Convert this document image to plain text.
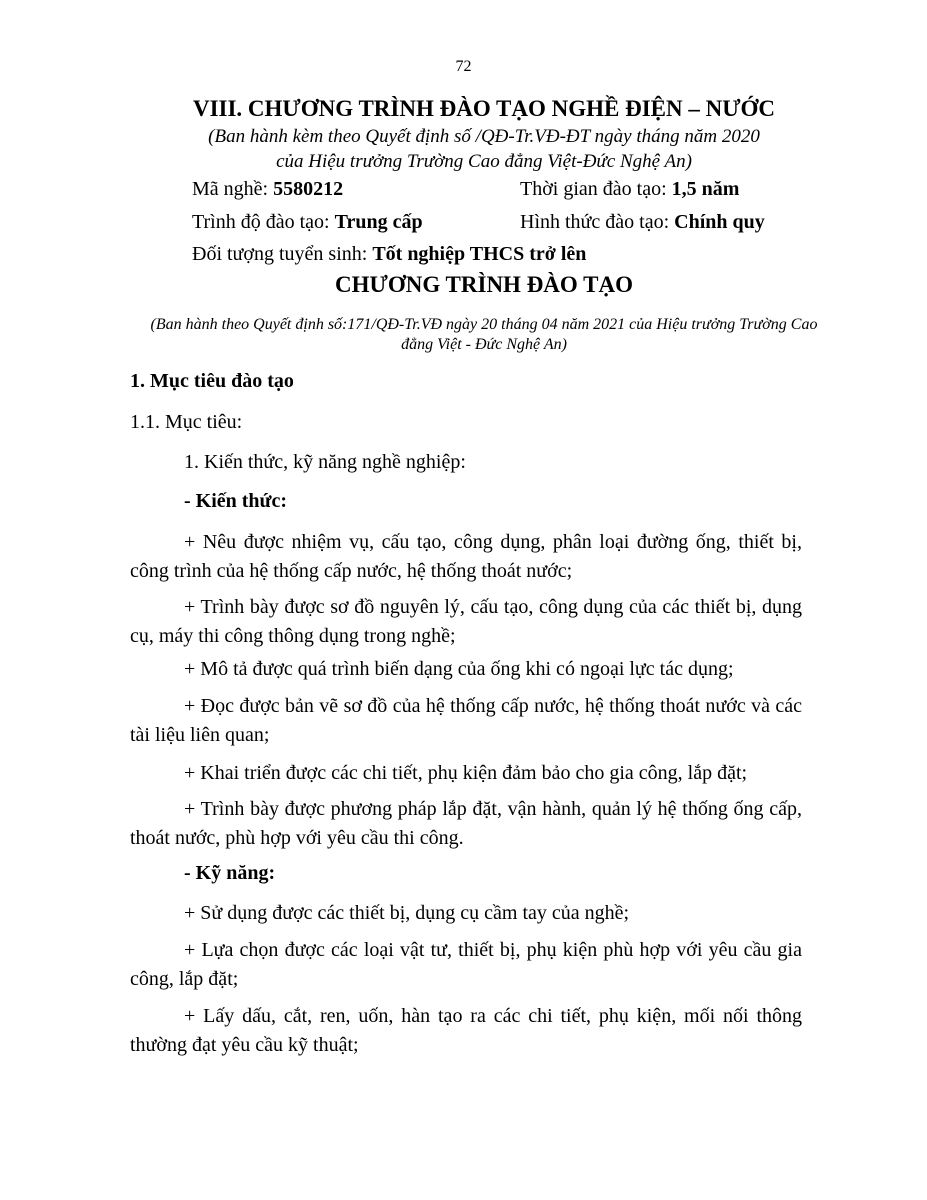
72

VIII. CHƯƠNG TRÌNH ĐÀO TẠO NGHỀ ĐIỆN – NƯỚC

(Ban hành kèm theo Quyết định số /QĐ-Tr.VĐ-ĐT ngày tháng năm 2020

của Hiệu trưởng Trường Cao đẳng Việt-Đức Nghệ An)

Mã nghề: 5580212	Thời gian đào tạo: 1,5 năm

Trình độ đào tạo: Trung cấp	Hình thức đào tạo: Chính quy

Đối tượng tuyển sinh: Tốt nghiệp THCS trở lên

CHƯƠNG TRÌNH ĐÀO TẠO

(Ban hành theo Quyết định số:171/QĐ-Tr.VĐ ngày 20 tháng 04 năm 2021 của Hiệu trưởng Trường Cao

đẳng Việt - Đức Nghệ An)

1. Mục tiêu đào tạo

1.1. Mục tiêu:

1. Kiến thức, kỹ năng nghề nghiệp:

- Kiến thức:

+ Nêu được nhiệm vụ, cấu tạo, công dụng, phân loại đường ống, thiết bị, công trình của hệ thống cấp nước, hệ thống thoát nước;

+ Trình bày được sơ đồ nguyên lý, cấu tạo, công dụng của các thiết bị, dụng cụ, máy thi công thông dụng trong nghề;

+ Mô tả được quá trình biến dạng của ống khi có ngoại lực tác dụng;

+ Đọc được bản vẽ sơ đồ của hệ thống cấp nước, hệ thống thoát nước và các tài liệu liên quan;

+ Khai triển được các chi tiết, phụ kiện đảm bảo cho gia công, lắp đặt;

+ Trình bày được phương pháp lắp đặt, vận hành, quản lý hệ thống ống cấp, thoát nước, phù hợp với yêu cầu thi công.

- Kỹ năng:

+ Sử dụng được các thiết bị, dụng cụ cầm tay của nghề;

+ Lựa chọn được các loại vật tư, thiết bị, phụ kiện phù hợp với yêu cầu gia công, lắp đặt;

+ Lấy dấu, cắt, ren, uốn, hàn tạo ra các chi tiết, phụ kiện, mối nối thông thường đạt yêu cầu kỹ thuật;
